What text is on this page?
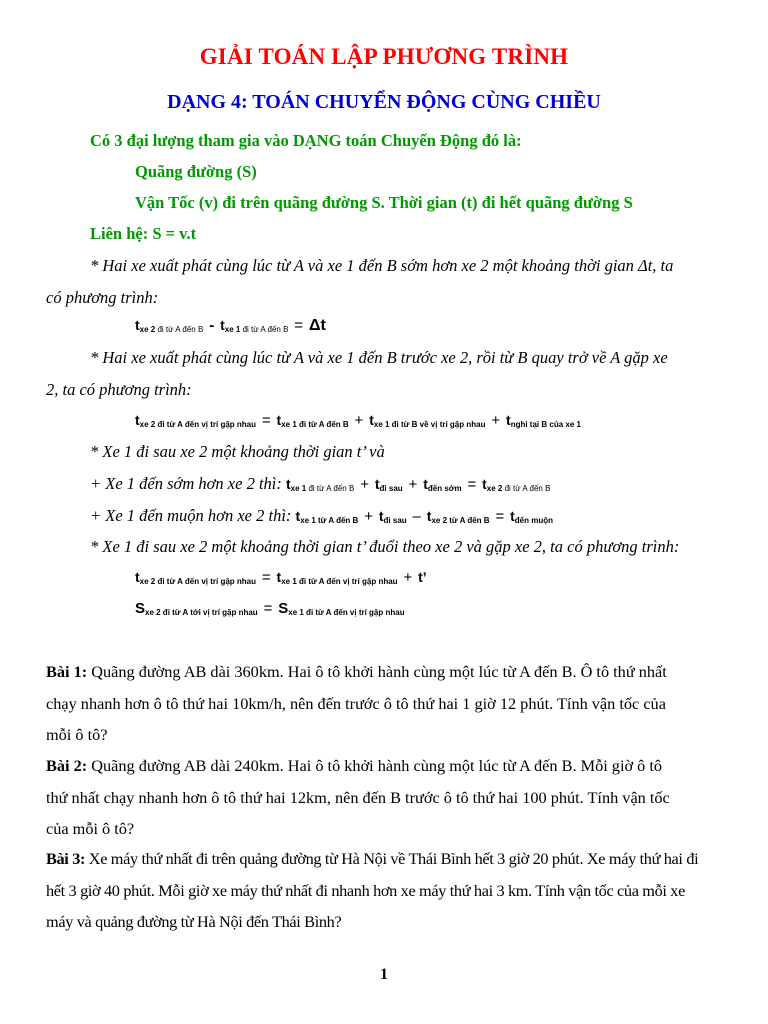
GIẢI TOÁN LẬP PHƯƠNG TRÌNH
DẠNG 4: TOÁN CHUYỂN ĐỘNG CÙNG CHIỀU
Có 3 đại lượng tham gia vào DẠNG toán Chuyển Động đó là:
Quãng đường (S)
Vận Tốc (v) đi trên quãng đường S. Thời gian (t) đi hết quãng đường S
Liên hệ: S = v.t
* Hai xe xuất phát cùng lúc từ A và xe 1 đến B sớm hơn xe 2 một khoảng thời gian Δt, ta
có phương trình:
txe 2 $_{đi từ A đến B}$ - txe 1 $_{đi từ A đến B}$ = Δt
* Hai xe xuất phát cùng lúc từ A và xe 1 đến B trước xe 2, rồi từ B quay trở về A gặp xe
2, ta có phương trình:
txe 2 đi từ A đến vị trí gặp nhau = txe 1 đi từ A đến B + txe 1 đi từ B về vị trí gặp nhau + tnghỉ tại B của xe 1
* Xe 1 đi sau xe 2 một khoảng thời gian t’ và
+ Xe 1 đến sớm hơn xe 2 thì: txe 1 $_{đi từ A đến B}$ + tđi sau + tđến sớm = txe 2 $_{đi từ A đến B}$
+ Xe 1 đến muộn hơn xe 2 thì: txe 1 từ A đến B + tđi sau – txe 2 từ A đến B = tđến muộn
* Xe 1 đi sau xe 2 một khoảng thời gian t’ đuổi theo xe 2 và gặp xe 2, ta có phương trình:
txe 2 đi từ A đến vị trí gặp nhau = txe 1 đi từ A đến vị trí gặp nhau + t’
Sxe 2 đi từ A tới vị trí gặp nhau = Sxe 1 đi từ A đến vị trí gặp nhau
Bài 1: Quãng đường AB dài 360km. Hai ô tô khởi hành cùng một lúc từ A đến B. Ô tô thứ nhất
chạy nhanh hơn ô tô thứ hai 10km/h, nên đến trước ô tô thứ hai 1 giờ 12 phút. Tính vận tốc của
mỗi ô tô?
Bài 2: Quãng đường AB dài 240km. Hai ô tô khởi hành cùng một lúc từ A đến B. Mỗi giờ ô tô
thứ nhất chạy nhanh hơn ô tô thứ hai 12km, nên đến B trước ô tô thứ hai 100 phút. Tính vận tốc
của mỗi ô tô?
Bài 3: Xe máy thứ nhất đi trên quảng đường từ Hà Nội về Thái Bình hết 3 giờ 20 phút. Xe máy thứ hai đi
hết 3 giờ 40 phút. Mỗi giờ xe máy thứ nhất đi nhanh hơn xe máy thứ hai 3 km. Tính vận tốc của mỗi xe
máy và quảng đường từ Hà Nội đến Thái Bình?
1
